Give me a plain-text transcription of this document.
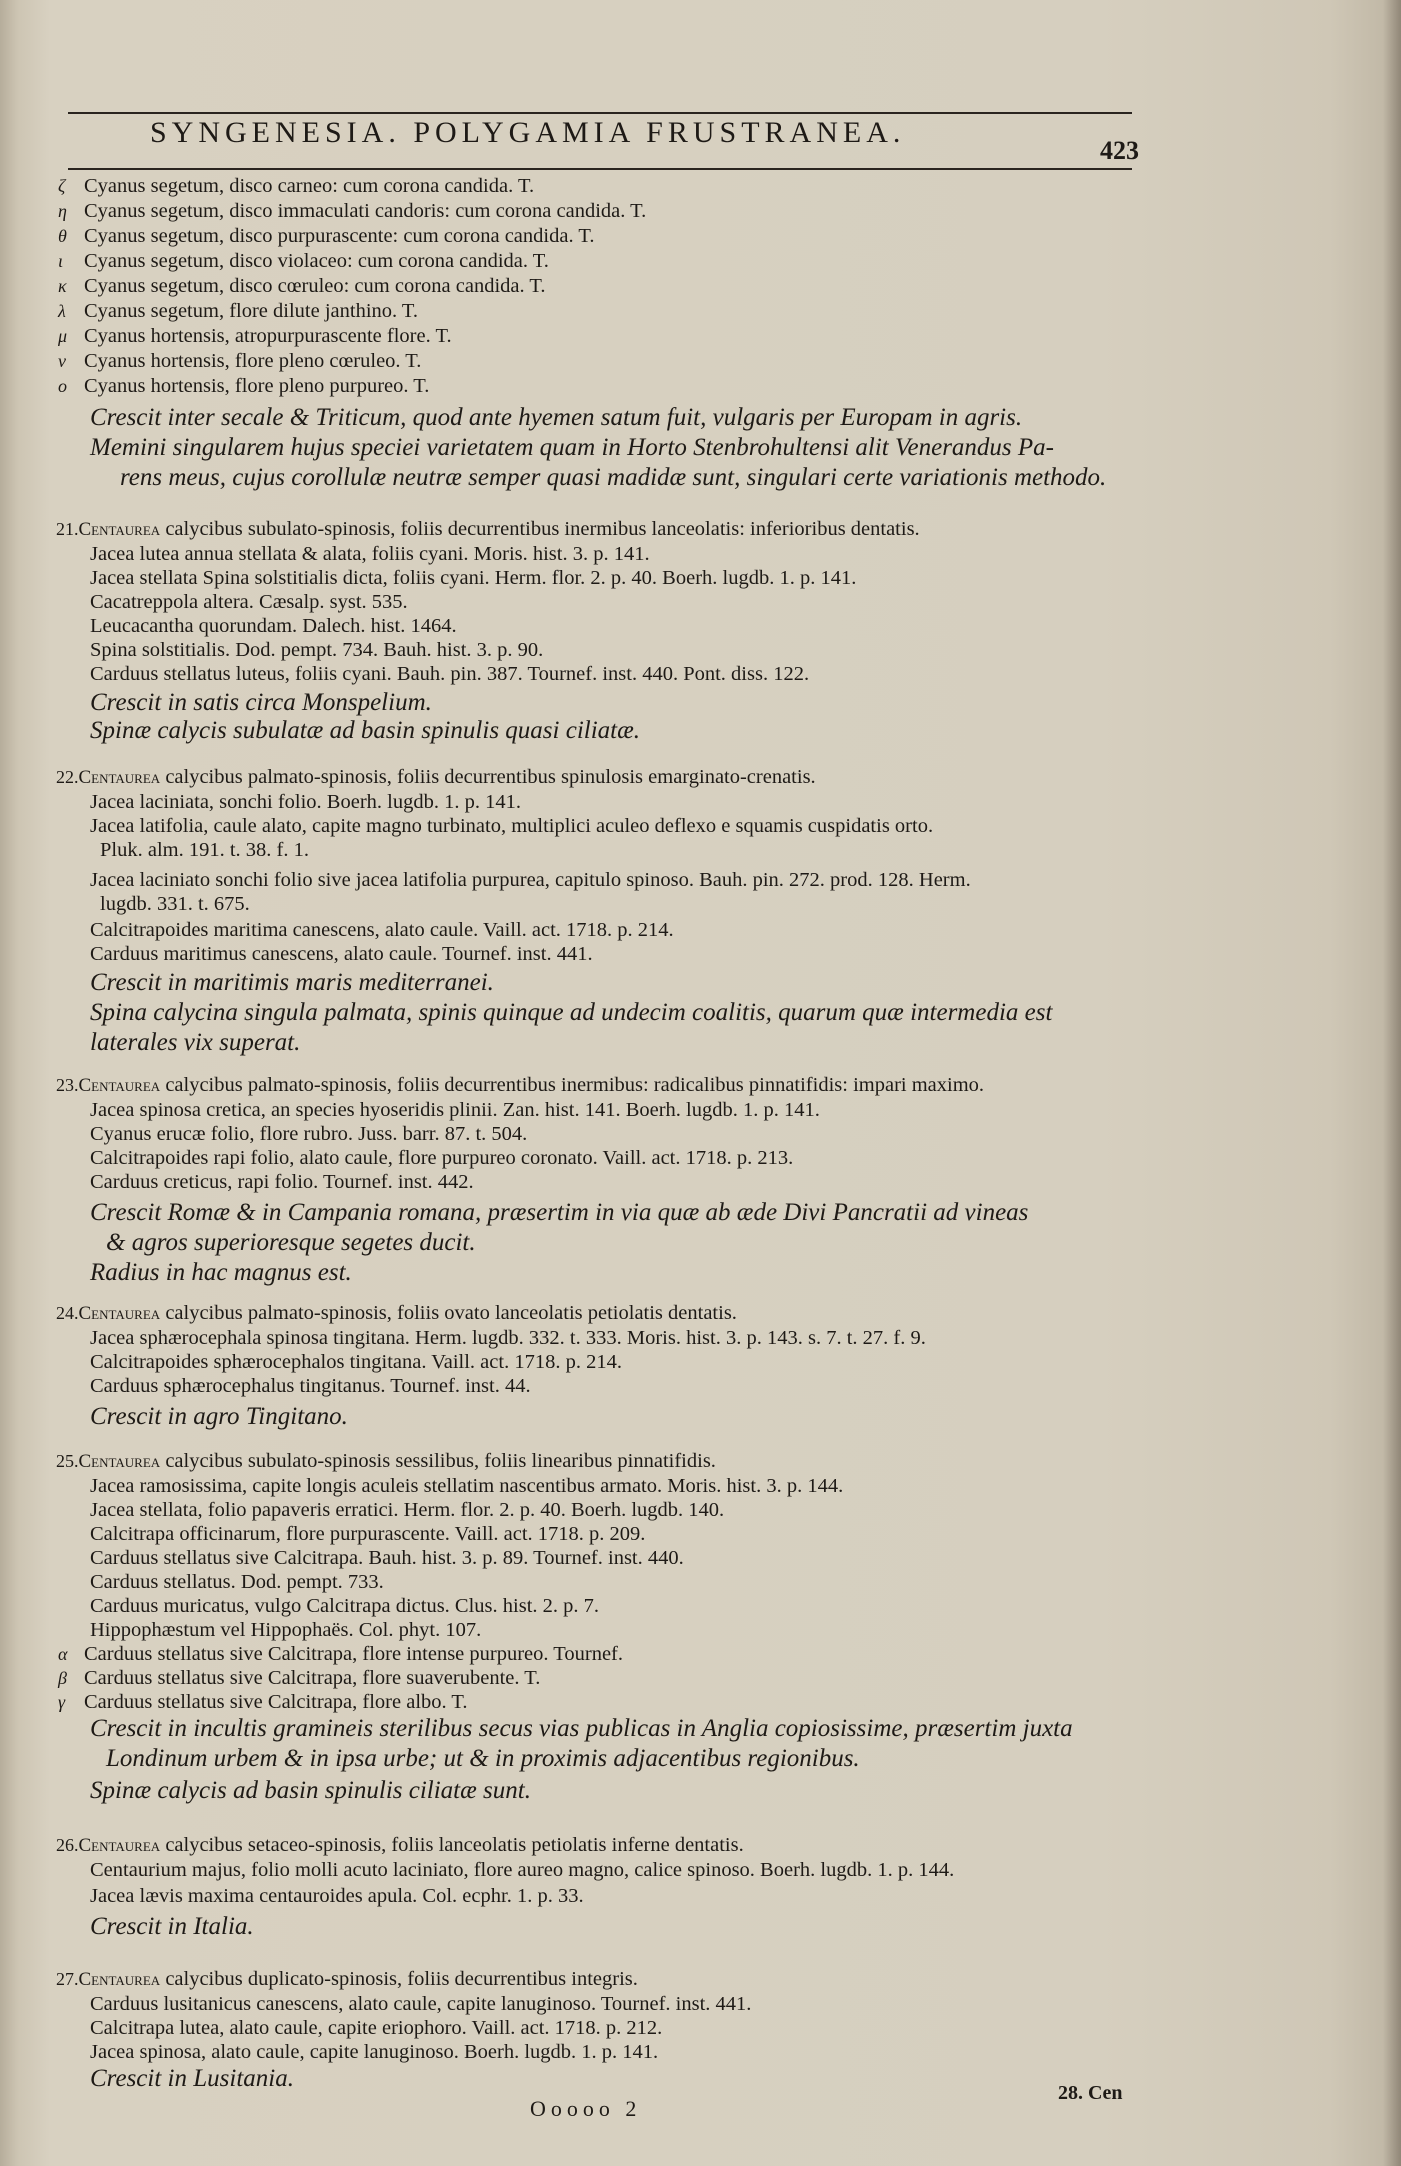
SYNGENESIA. POLYGAMIA FRUSTRANEA.
423
ζ Cyanus segetum, disco carneo: cum corona candida. T.
η Cyanus segetum, disco immaculati candoris: cum corona candida. T.
θ Cyanus segetum, disco purpurascente: cum corona candida. T.
ι Cyanus segetum, disco violaceo: cum corona candida. T.
κ Cyanus segetum, disco cœruleo: cum corona candida. T.
λ Cyanus segetum, flore dilute janthino. T.
μ Cyanus hortensis, atropurpurascente flore. T.
ν Cyanus hortensis, flore pleno cœruleo. T.
ο Cyanus hortensis, flore pleno purpureo. T.
Crescit inter secale & Triticum, quod ante hyemen satum fuit, vulgaris per Europam in agris.
Memini singularem hujus speciei varietatem quam in Horto Stenbrohultensi alit Venerandus Pa-
rens meus, cujus corollulæ neutræ semper quasi madidæ sunt, singulari certe variationis methodo.
21.Centaurea calycibus subulato-spinosis, foliis decurrentibus inermibus lanceolatis: inferioribus dentatis.
Jacea lutea annua stellata & alata, foliis cyani. Moris. hist. 3. p. 141.
Jacea stellata Spina solstitialis dicta, foliis cyani. Herm. flor. 2. p. 40. Boerh. lugdb. 1. p. 141.
Cacatreppola altera. Cæsalp. syst. 535.
Leucacantha quorundam. Dalech. hist. 1464.
Spina solstitialis. Dod. pempt. 734. Bauh. hist. 3. p. 90.
Carduus stellatus luteus, foliis cyani. Bauh. pin. 387. Tournef. inst. 440. Pont. diss. 122.
Crescit in satis circa Monspelium.
Spinæ calycis subulatæ ad basin spinulis quasi ciliatæ.
22.Centaurea calycibus palmato-spinosis, foliis decurrentibus spinulosis emarginato-crenatis.
Jacea laciniata, sonchi folio. Boerh. lugdb. 1. p. 141.
Jacea latifolia, caule alato, capite magno turbinato, multiplici aculeo deflexo e squamis cuspidatis orto.
Pluk. alm. 191. t. 38. f. 1.
Jacea laciniato sonchi folio sive jacea latifolia purpurea, capitulo spinoso. Bauh. pin. 272. prod. 128. Herm.
lugdb. 331. t. 675.
Calcitrapoides maritima canescens, alato caule. Vaill. act. 1718. p. 214.
Carduus maritimus canescens, alato caule. Tournef. inst. 441.
Crescit in maritimis maris mediterranei.
Spina calycina singula palmata, spinis quinque ad undecim coalitis, quarum quæ intermedia est
laterales vix superat.
23.Centaurea calycibus palmato-spinosis, foliis decurrentibus inermibus: radicalibus pinnatifidis: impari maximo.
Jacea spinosa cretica, an species hyoseridis plinii. Zan. hist. 141. Boerh. lugdb. 1. p. 141.
Cyanus erucæ folio, flore rubro. Juss. barr. 87. t. 504.
Calcitrapoides rapi folio, alato caule, flore purpureo coronato. Vaill. act. 1718. p. 213.
Carduus creticus, rapi folio. Tournef. inst. 442.
Crescit Romæ & in Campania romana, præsertim in via quæ ab æde Divi Pancratii ad vineas
& agros superioresque segetes ducit.
Radius in hac magnus est.
24.Centaurea calycibus palmato-spinosis, foliis ovato lanceolatis petiolatis dentatis.
Jacea sphærocephala spinosa tingitana. Herm. lugdb. 332. t. 333. Moris. hist. 3. p. 143. s. 7. t. 27. f. 9.
Calcitrapoides sphærocephalos tingitana. Vaill. act. 1718. p. 214.
Carduus sphærocephalus tingitanus. Tournef. inst. 44.
Crescit in agro Tingitano.
25.Centaurea calycibus subulato-spinosis sessilibus, foliis linearibus pinnatifidis.
Jacea ramosissima, capite longis aculeis stellatim nascentibus armato. Moris. hist. 3. p. 144.
Jacea stellata, folio papaveris erratici. Herm. flor. 2. p. 40. Boerh. lugdb. 140.
Calcitrapa officinarum, flore purpurascente. Vaill. act. 1718. p. 209.
Carduus stellatus sive Calcitrapa. Bauh. hist. 3. p. 89. Tournef. inst. 440.
Carduus stellatus. Dod. pempt. 733.
Carduus muricatus, vulgo Calcitrapa dictus. Clus. hist. 2. p. 7.
Hippophæstum vel Hippophaës. Col. phyt. 107.
α Carduus stellatus sive Calcitrapa, flore intense purpureo. Tournef.
β Carduus stellatus sive Calcitrapa, flore suaverubente. T.
γ Carduus stellatus sive Calcitrapa, flore albo. T.
Crescit in incultis gramineis sterilibus secus vias publicas in Anglia copiosissime, præsertim juxta
Londinum urbem & in ipsa urbe; ut & in proximis adjacentibus regionibus.
Spinæ calycis ad basin spinulis ciliatæ sunt.
26.Centaurea calycibus setaceo-spinosis, foliis lanceolatis petiolatis inferne dentatis.
Centaurium majus, folio molli acuto laciniato, flore aureo magno, calice spinoso. Boerh. lugdb. 1. p. 144.
Jacea lævis maxima centauroides apula. Col. ecphr. 1. p. 33.
Crescit in Italia.
27.Centaurea calycibus duplicato-spinosis, foliis decurrentibus integris.
Carduus lusitanicus canescens, alato caule, capite lanuginoso. Tournef. inst. 441.
Calcitrapa lutea, alato caule, capite eriophoro. Vaill. act. 1718. p. 212.
Jacea spinosa, alato caule, capite lanuginoso. Boerh. lugdb. 1. p. 141.
Crescit in Lusitania.
28. Cen
Ooooo 2
